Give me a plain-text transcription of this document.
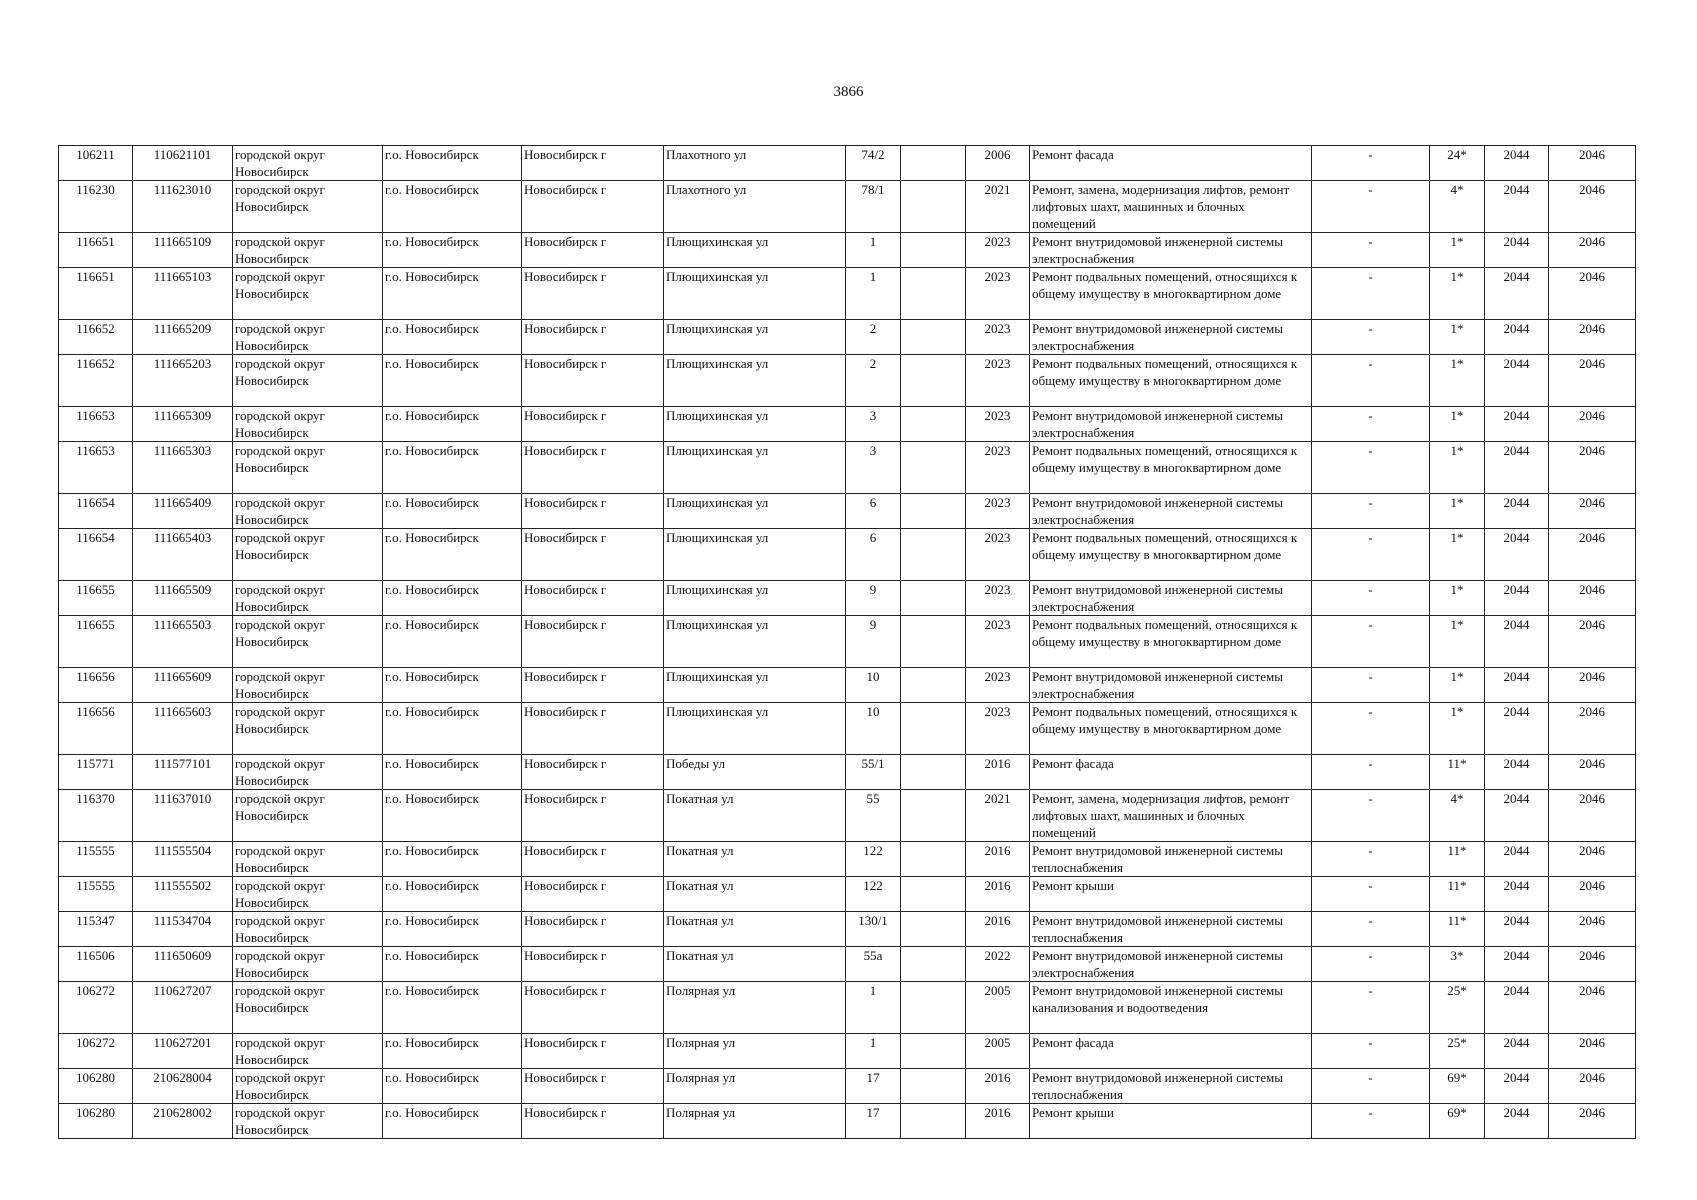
3866
106211	110621101	городской округ Новосибирск	г.о. Новосибирск	Новосибирск г	Плахотного ул	74/2		2006	Ремонт фасада	-	24*	2044	2046
116230	111623010	городской округ Новосибирск	г.о. Новосибирск	Новосибирск г	Плахотного ул	78/1		2021	Ремонт, замена, модернизация лифтов, ремонт лифтовых шахт, машинных и блочных помещений	-	4*	2044	2046
116651	111665109	городской округ Новосибирск	г.о. Новосибирск	Новосибирск г	Плющихинская ул	1		2023	Ремонт внутридомовой инженерной системы электроснабжения	-	1*	2044	2046
116651	111665103	городской округ Новосибирск	г.о. Новосибирск	Новосибирск г	Плющихинская ул	1		2023	Ремонт подвальных помещений, относящихся к общему имуществу в многоквартирном доме	-	1*	2044	2046
116652	111665209	городской округ Новосибирск	г.о. Новосибирск	Новосибирск г	Плющихинская ул	2		2023	Ремонт внутридомовой инженерной системы электроснабжения	-	1*	2044	2046
116652	111665203	городской округ Новосибирск	г.о. Новосибирск	Новосибирск г	Плющихинская ул	2		2023	Ремонт подвальных помещений, относящихся к общему имуществу в многоквартирном доме	-	1*	2044	2046
116653	111665309	городской округ Новосибирск	г.о. Новосибирск	Новосибирск г	Плющихинская ул	3		2023	Ремонт внутридомовой инженерной системы электроснабжения	-	1*	2044	2046
116653	111665303	городской округ Новосибирск	г.о. Новосибирск	Новосибирск г	Плющихинская ул	3		2023	Ремонт подвальных помещений, относящихся к общему имуществу в многоквартирном доме	-	1*	2044	2046
116654	111665409	городской округ Новосибирск	г.о. Новосибирск	Новосибирск г	Плющихинская ул	6		2023	Ремонт внутридомовой инженерной системы электроснабжения	-	1*	2044	2046
116654	111665403	городской округ Новосибирск	г.о. Новосибирск	Новосибирск г	Плющихинская ул	6		2023	Ремонт подвальных помещений, относящихся к общему имуществу в многоквартирном доме	-	1*	2044	2046
116655	111665509	городской округ Новосибирск	г.о. Новосибирск	Новосибирск г	Плющихинская ул	9		2023	Ремонт внутридомовой инженерной системы электроснабжения	-	1*	2044	2046
116655	111665503	городской округ Новосибирск	г.о. Новосибирск	Новосибирск г	Плющихинская ул	9		2023	Ремонт подвальных помещений, относящихся к общему имуществу в многоквартирном доме	-	1*	2044	2046
116656	111665609	городской округ Новосибирск	г.о. Новосибирск	Новосибирск г	Плющихинская ул	10		2023	Ремонт внутридомовой инженерной системы электроснабжения	-	1*	2044	2046
116656	111665603	городской округ Новосибирск	г.о. Новосибирск	Новосибирск г	Плющихинская ул	10		2023	Ремонт подвальных помещений, относящихся к общему имуществу в многоквартирном доме	-	1*	2044	2046
115771	111577101	городской округ Новосибирск	г.о. Новосибирск	Новосибирск г	Победы ул	55/1		2016	Ремонт фасада	-	11*	2044	2046
116370	111637010	городской округ Новосибирск	г.о. Новосибирск	Новосибирск г	Покатная ул	55		2021	Ремонт, замена, модернизация лифтов, ремонт лифтовых шахт, машинных и блочных помещений	-	4*	2044	2046
115555	111555504	городской округ Новосибирск	г.о. Новосибирск	Новосибирск г	Покатная ул	122		2016	Ремонт внутридомовой инженерной системы теплоснабжения	-	11*	2044	2046
115555	111555502	городской округ Новосибирск	г.о. Новосибирск	Новосибирск г	Покатная ул	122		2016	Ремонт крыши	-	11*	2044	2046
115347	111534704	городской округ Новосибирск	г.о. Новосибирск	Новосибирск г	Покатная ул	130/1		2016	Ремонт внутридомовой инженерной системы теплоснабжения	-	11*	2044	2046
116506	111650609	городской округ Новосибирск	г.о. Новосибирск	Новосибирск г	Покатная ул	55а		2022	Ремонт внутридомовой инженерной системы электроснабжения	-	3*	2044	2046
106272	110627207	городской округ Новосибирск	г.о. Новосибирск	Новосибирск г	Полярная ул	1		2005	Ремонт внутридомовой инженерной системы канализования и водоотведения	-	25*	2044	2046
106272	110627201	городской округ Новосибирск	г.о. Новосибирск	Новосибирск г	Полярная ул	1		2005	Ремонт фасада	-	25*	2044	2046
106280	210628004	городской округ Новосибирск	г.о. Новосибирск	Новосибирск г	Полярная ул	17		2016	Ремонт внутридомовой инженерной системы теплоснабжения	-	69*	2044	2046
106280	210628002	городской округ Новосибирск	г.о. Новосибирск	Новосибирск г	Полярная ул	17		2016	Ремонт крыши	-	69*	2044	2046
